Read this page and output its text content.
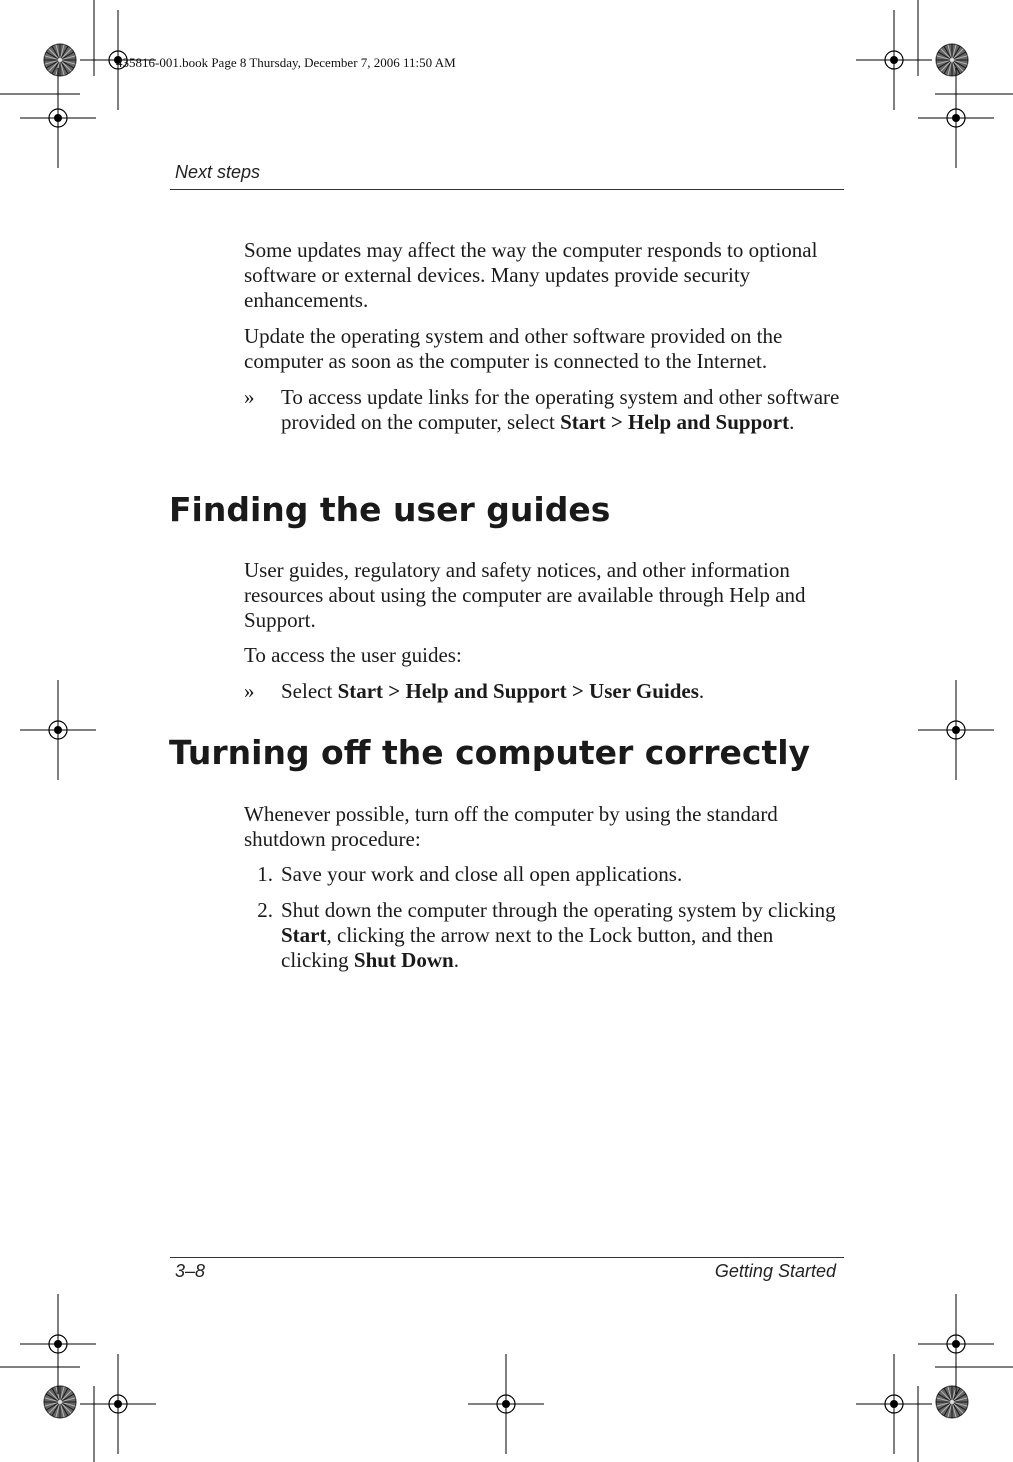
435816-001.book Page 8 Thursday, December 7, 2006 11:50 AM
Next steps

Some updates may affect the way the computer responds to optional software or external devices. Many updates provide security enhancements.

Update the operating system and other software provided on the computer as soon as the computer is connected to the Internet.

»	To access update links for the operating system and other software provided on the computer, select Start > Help and Support.
Finding the user guides

User guides, regulatory and safety notices, and other information resources about using the computer are available through Help and Support.

To access the user guides:

»	Select Start > Help and Support > User Guides.
Turning off the computer correctly

Whenever possible, turn off the computer by using the standard shutdown procedure:

1. Save your work and close all open applications.
2. Shut down the computer through the operating system by clicking Start, clicking the arrow next to the Lock button, and then clicking Shut Down.
3–8	Getting Started
